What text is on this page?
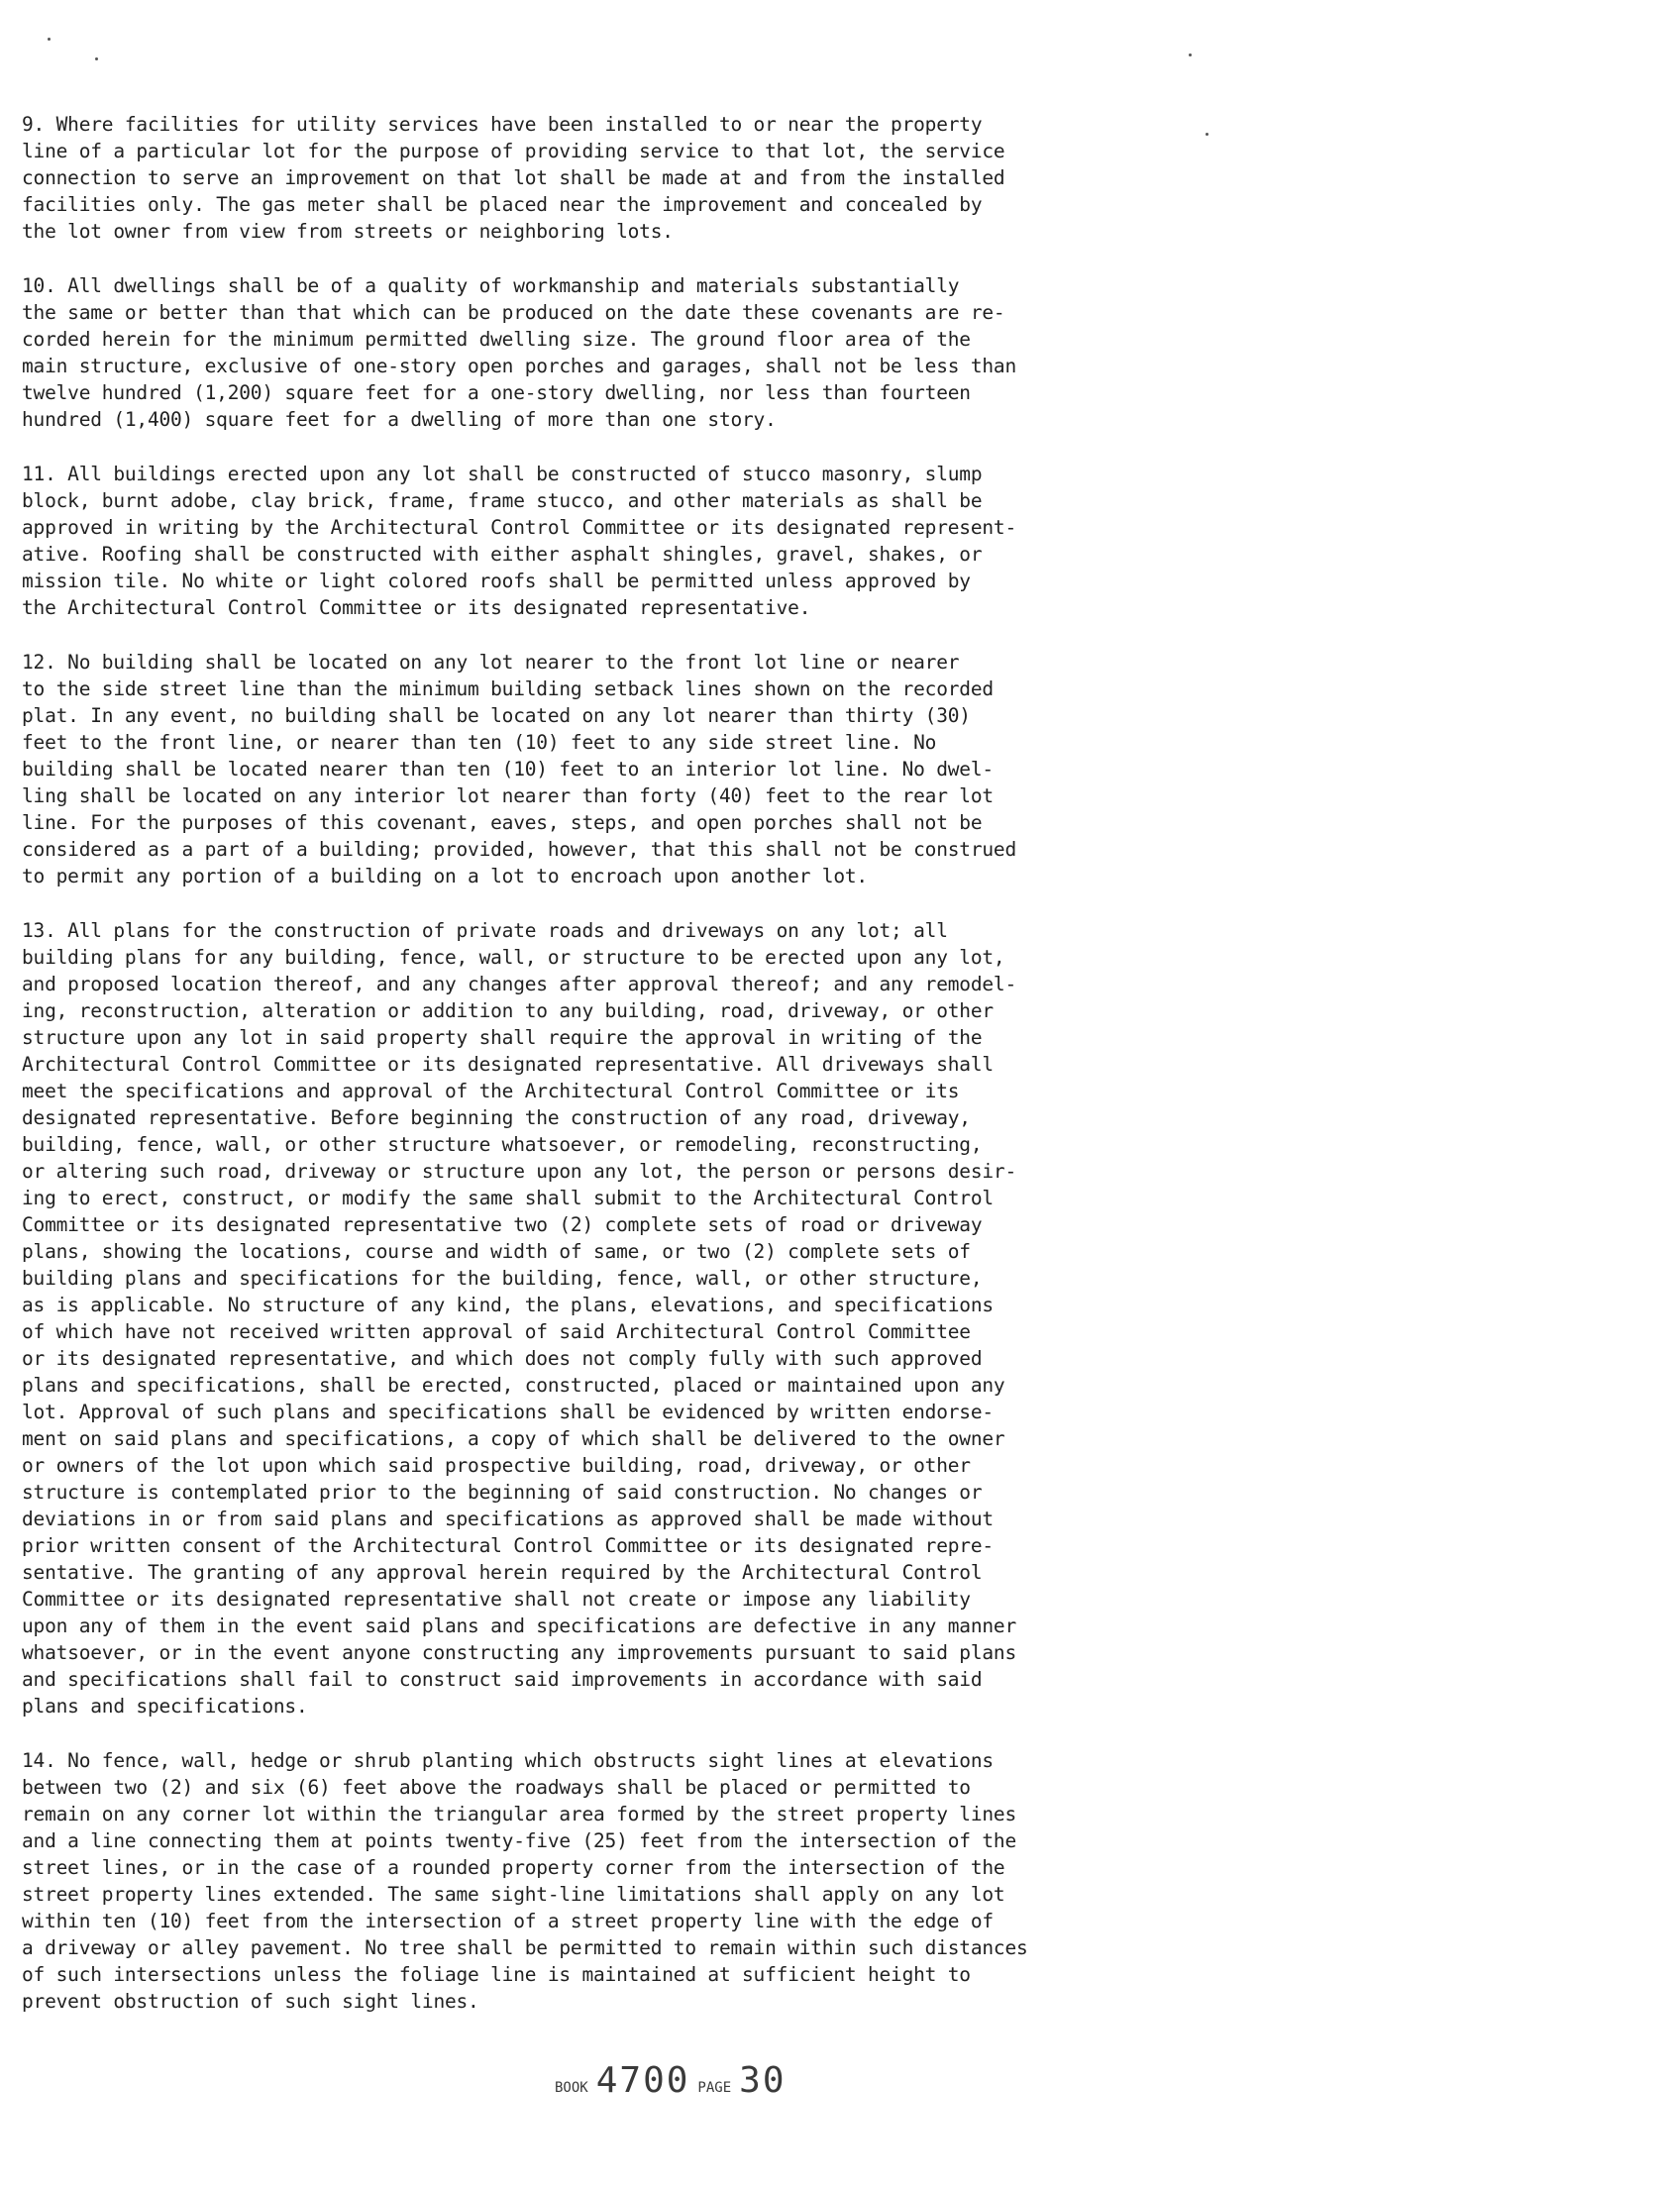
9. Where facilities for utility services have been installed to or near the property
line of a particular lot for the purpose of providing service to that lot, the service
connection to serve an improvement on that lot shall be made at and from the installed
facilities only. The gas meter shall be placed near the improvement and concealed by
the lot owner from view from streets or neighboring lots.

10. All dwellings shall be of a quality of workmanship and materials substantially
the same or better than that which can be produced on the date these covenants are re-
corded herein for the minimum permitted dwelling size. The ground floor area of the
main structure, exclusive of one-story open porches and garages, shall not be less than
twelve hundred (1,200) square feet for a one-story dwelling, nor less than fourteen
hundred (1,400) square feet for a dwelling of more than one story.

11. All buildings erected upon any lot shall be constructed of stucco masonry, slump
block, burnt adobe, clay brick, frame, frame stucco, and other materials as shall be
approved in writing by the Architectural Control Committee or its designated represent-
ative. Roofing shall be constructed with either asphalt shingles, gravel, shakes, or
mission tile. No white or light colored roofs shall be permitted unless approved by
the Architectural Control Committee or its designated representative.

12. No building shall be located on any lot nearer to the front lot line or nearer
to the side street line than the minimum building setback lines shown on the recorded
plat. In any event, no building shall be located on any lot nearer than thirty (30)
feet to the front line, or nearer than ten (10) feet to any side street line. No
building shall be located nearer than ten (10) feet to an interior lot line. No dwel-
ling shall be located on any interior lot nearer than forty (40) feet to the rear lot
line. For the purposes of this covenant, eaves, steps, and open porches shall not be
considered as a part of a building; provided, however, that this shall not be construed
to permit any portion of a building on a lot to encroach upon another lot.

13. All plans for the construction of private roads and driveways on any lot; all
building plans for any building, fence, wall, or structure to be erected upon any lot,
and proposed location thereof, and any changes after approval thereof; and any remodel-
ing, reconstruction, alteration or addition to any building, road, driveway, or other
structure upon any lot in said property shall require the approval in writing of the
Architectural Control Committee or its designated representative. All driveways shall
meet the specifications and approval of the Architectural Control Committee or its
designated representative. Before beginning the construction of any road, driveway,
building, fence, wall, or other structure whatsoever, or remodeling, reconstructing,
or altering such road, driveway or structure upon any lot, the person or persons desir-
ing to erect, construct, or modify the same shall submit to the Architectural Control
Committee or its designated representative two (2) complete sets of road or driveway
plans, showing the locations, course and width of same, or two (2) complete sets of
building plans and specifications for the building, fence, wall, or other structure,
as is applicable. No structure of any kind, the plans, elevations, and specifications
of which have not received written approval of said Architectural Control Committee
or its designated representative, and which does not comply fully with such approved
plans and specifications, shall be erected, constructed, placed or maintained upon any
lot. Approval of such plans and specifications shall be evidenced by written endorse-
ment on said plans and specifications, a copy of which shall be delivered to the owner
or owners of the lot upon which said prospective building, road, driveway, or other
structure is contemplated prior to the beginning of said construction. No changes or
deviations in or from said plans and specifications as approved shall be made without
prior written consent of the Architectural Control Committee or its designated repre-
sentative. The granting of any approval herein required by the Architectural Control
Committee or its designated representative shall not create or impose any liability
upon any of them in the event said plans and specifications are defective in any manner
whatsoever, or in the event anyone constructing any improvements pursuant to said plans
and specifications shall fail to construct said improvements in accordance with said
plans and specifications.

14. No fence, wall, hedge or shrub planting which obstructs sight lines at elevations
between two (2) and six (6) feet above the roadways shall be placed or permitted to
remain on any corner lot within the triangular area formed by the street property lines
and a line connecting them at points twenty-five (25) feet from the intersection of the
street lines, or in the case of a rounded property corner from the intersection of the
street property lines extended. The same sight-line limitations shall apply on any lot
within ten (10) feet from the intersection of a street property line with the edge of
a driveway or alley pavement. No tree shall be permitted to remain within such distances
of such intersections unless the foliage line is maintained at sufficient height to
prevent obstruction of such sight lines.

BOOK 4700 PAGE 30
